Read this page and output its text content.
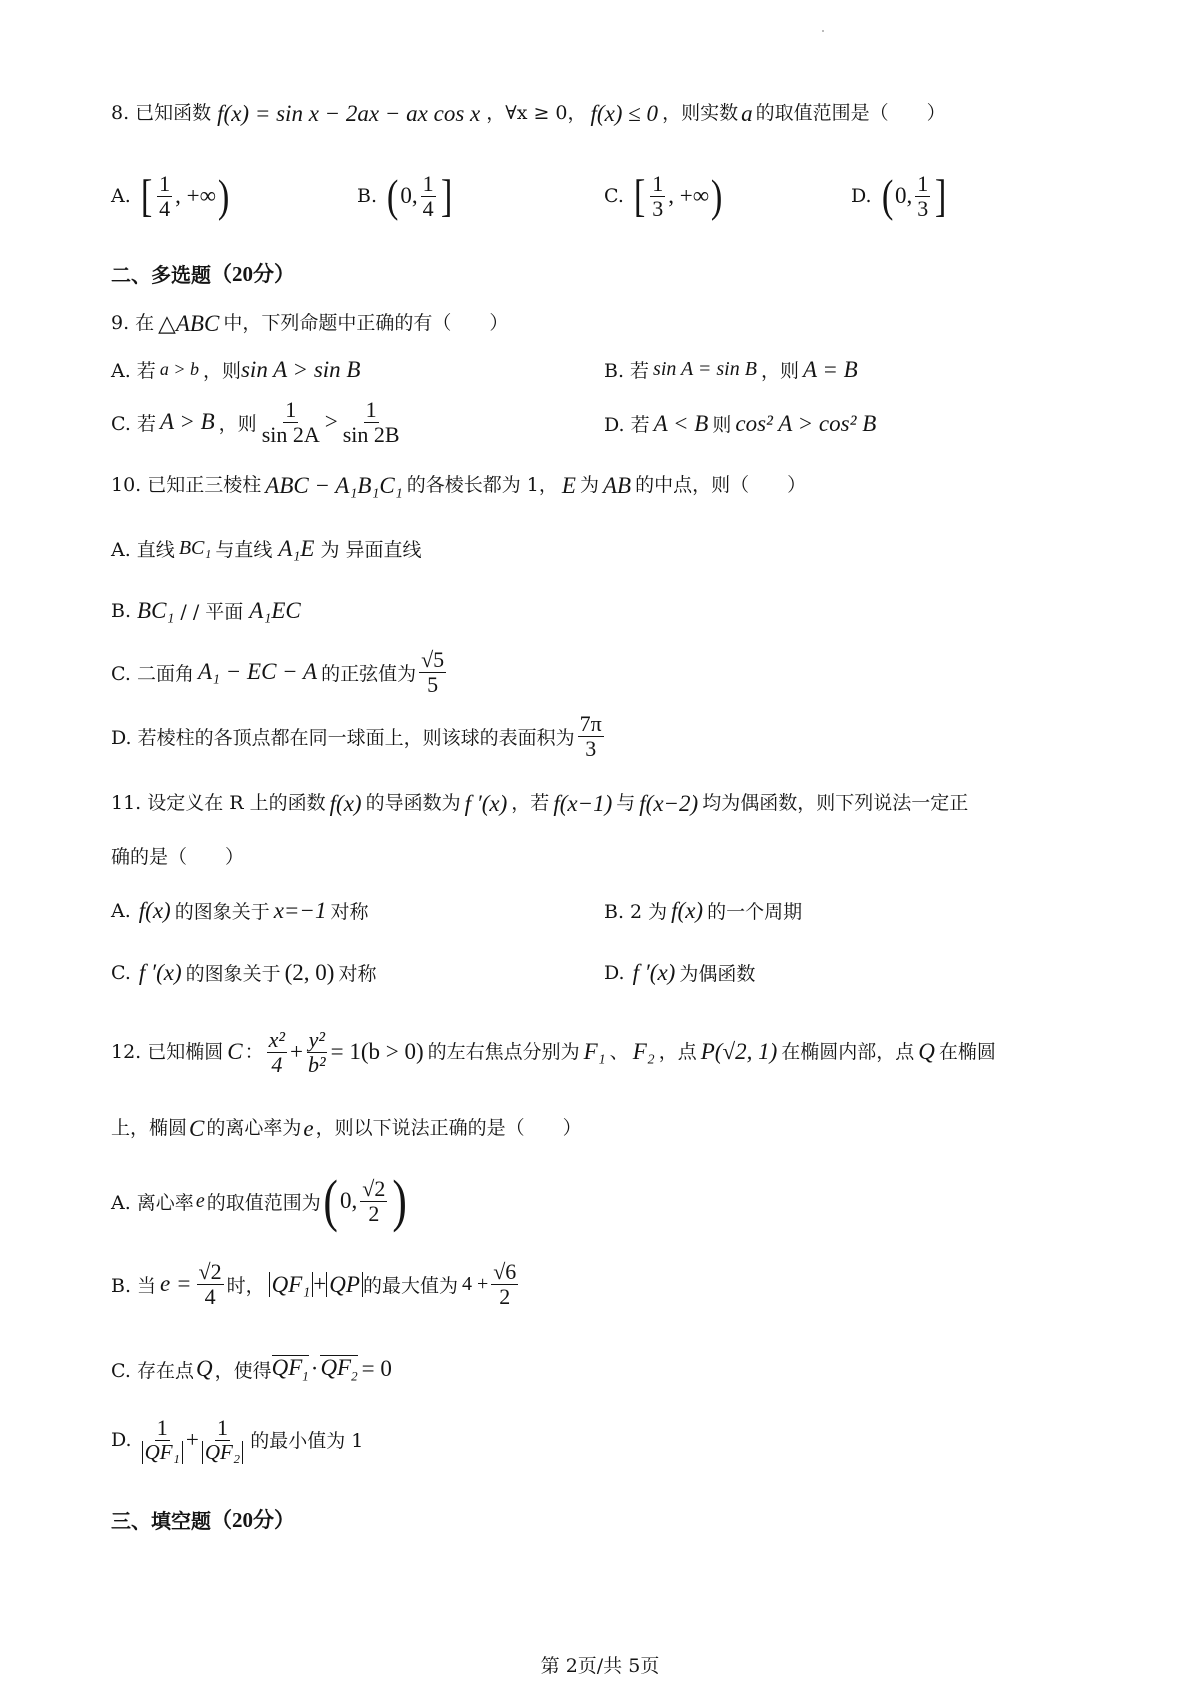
8. 已知函数 f(x) = sin x − 2ax − ax cos x ，∀x ≥ 0， f(x) ≤ 0 ，则实数 a 的取值范围是（　　）
A. [ $\frac{1}{4}$ , +∞ )	B. ( 0, $\frac{1}{4}$ ]	C. [ $\frac{1}{3}$ , +∞ )	D. ( 0, $\frac{1}{3}$ ]
二、多选题 （20分）
9. 在 △ABC 中，下列命题中正确的有（　　）
A. 若 a > b ，则 sin A > sin B	B. 若 sin A = sin B ，则 A = B
C. 若 A > B ，则 $\frac{1}{\sin 2A} > \frac{1}{\sin 2B}$	D. 若 A < B 则 cos² A > cos² B
10. 已知正三棱柱 ABC − A₁B₁C₁ 的各棱长都为 1， E 为 AB 的中点，则（　　）
A. 直线 BC₁ 与直线 A₁E 为 异面直线
B. BC₁ / / 平面 A₁EC
C. 二面角 A₁ − EC − A 的正弦值为 $\frac{√5}{5}$
D. 若棱柱的各顶点都在同一球面上，则该球的表面积为 $\frac{7\pi}{3}$
11. 设定义在 R 上的函数 f(x) 的导函数为 f ′(x) ，若 f(x−1) 与 f(x−2) 均为偶函数，则下列说法一定正
确的是（　　）
A. f(x) 的图象关于 x=−1 对称	B. 2 为 f(x) 的一个周期
C. f ′(x) 的图象关于 (2, 0) 对称	D. f ′(x) 为偶函数
12. 已知椭圆 C ： $\frac{\text{x²}}{4} + \frac{\text{y²}}{\text{b²}} = 1(b > 0)$ 的左右焦点分别为 F₁ 、 F₂ ，点 P(√2, 1) 在椭圆内部，点 Q 在椭圆
上，椭圆 C 的离心率为 e ，则以下说法正确的是（　　）
A. 离心率 e 的取值范围为 ( 0, $\frac{√2}{2}$ )
B. 当 $e = \frac{√2}{4}$ 时， QF₁ + QP 的最大值为 $4 + \frac{√6}{2}$
C. 存在点 Q ，使得 $QF_1 \cdot QF_2 = 0$
D. $\frac{1}{\text{QF₁}} + \frac{1}{\text{QF₂}}$ 的最小值为 1
三、填空题 （20分）
第 2页/共 5页
